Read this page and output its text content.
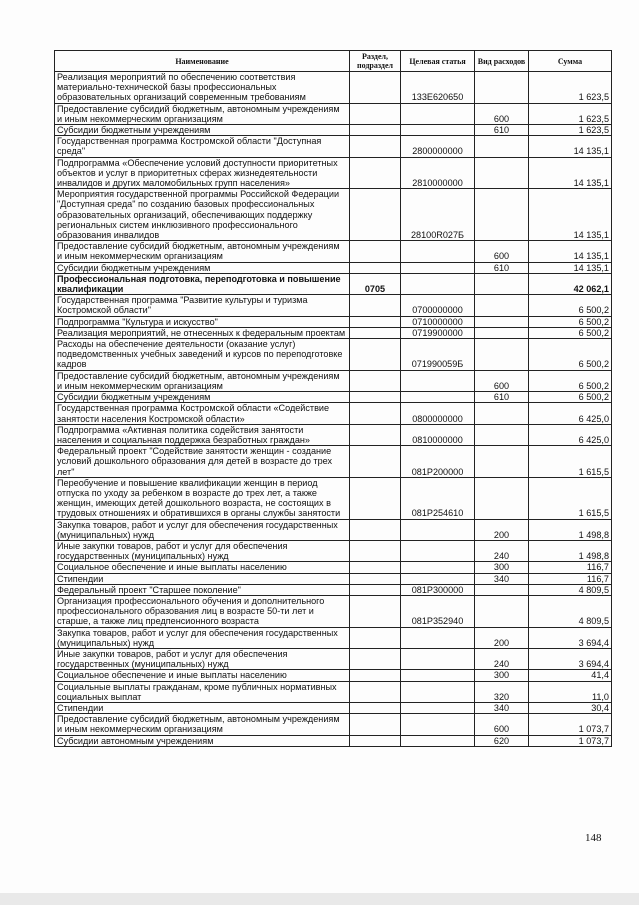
Наименование	Раздел, подраздел	Целевая статья	Вид расходов	Сумма
Реализация мероприятий по обеспечению соответствия материально-технической базы профессиональных образовательных организаций современным требованиям		133E620650		1 623,5
Предоставление субсидий бюджетным, автономным учреждениям и иным некоммерческим организациям			600	1 623,5
Субсидии бюджетным учреждениям			610	1 623,5
Государственная программа Костромской области "Доступная среда"		2800000000		14 135,1
Подпрограмма «Обеспечение условий доступности приоритетных объектов и услуг в приоритетных сферах жизнедеятельности инвалидов и других маломобильных групп населения»		2810000000		14 135,1
Мероприятия государственной программы Российской Федерации "Доступная среда" по созданию базовых профессиональных образовательных организаций, обеспечивающих поддержку региональных систем инклюзивного профессионального образования инвалидов		28100R027Б		14 135,1
Предоставление субсидий бюджетным, автономным учреждениям и иным некоммерческим организациям			600	14 135,1
Субсидии бюджетным учреждениям			610	14 135,1
Профессиональная подготовка, переподготовка и повышение квалификации	0705			42 062,1
Государственная программа "Развитие культуры и туризма Костромской области"		0700000000		6 500,2
Подпрограмма "Культура и искусство"		0710000000		6 500,2
Реализация мероприятий, не отнесенных к федеральным проектам		0719900000		6 500,2
Расходы на обеспечение деятельности (оказание услуг) подведомственных учебных заведений и курсов по переподготовке кадров		071990059Б		6 500,2
Предоставление субсидий бюджетным, автономным учреждениям и иным некоммерческим организациям			600	6 500,2
Субсидии бюджетным учреждениям			610	6 500,2
Государственная программа Костромской области «Содействие занятости населения Костромской области»		0800000000		6 425,0
Подпрограмма «Активная политика содействия занятости населения и социальная поддержка безработных граждан»		0810000000		6 425,0
Федеральный проект "Содействие занятости женщин - создание условий дошкольного образования для детей в возрасте до трех лет"		081P200000		1 615,5
Переобучение и повышение квалификации женщин в период отпуска по уходу за ребенком в возрасте до трех лет, а также женщин, имеющих детей дошкольного возраста, не состоящих в трудовых отношениях и обратившихся в органы службы занятости		081P254610		1 615,5
Закупка товаров, работ и услуг для обеспечения государственных (муниципальных) нужд			200	1 498,8
Иные закупки товаров, работ и услуг для обеспечения государственных (муниципальных) нужд			240	1 498,8
Социальное обеспечение и иные выплаты населению			300	116,7
Стипендии			340	116,7
Федеральный проект "Старшее поколение"		081P300000		4 809,5
Организация профессионального обучения и дополнительного профессионального образования лиц в возрасте 50-ти лет и старше, а также лиц предпенсионного возраста		081P352940		4 809,5
Закупка товаров, работ и услуг для обеспечения государственных (муниципальных) нужд			200	3 694,4
Иные закупки товаров, работ и услуг для обеспечения государственных (муниципальных) нужд			240	3 694,4
Социальное обеспечение и иные выплаты населению			300	41,4
Социальные выплаты гражданам, кроме публичных нормативных социальных выплат			320	11,0
Стипендии			340	30,4
Предоставление субсидий бюджетным, автономным учреждениям и иным некоммерческим организациям			600	1 073,7
Субсидии автономным учреждениям			620	1 073,7
148
